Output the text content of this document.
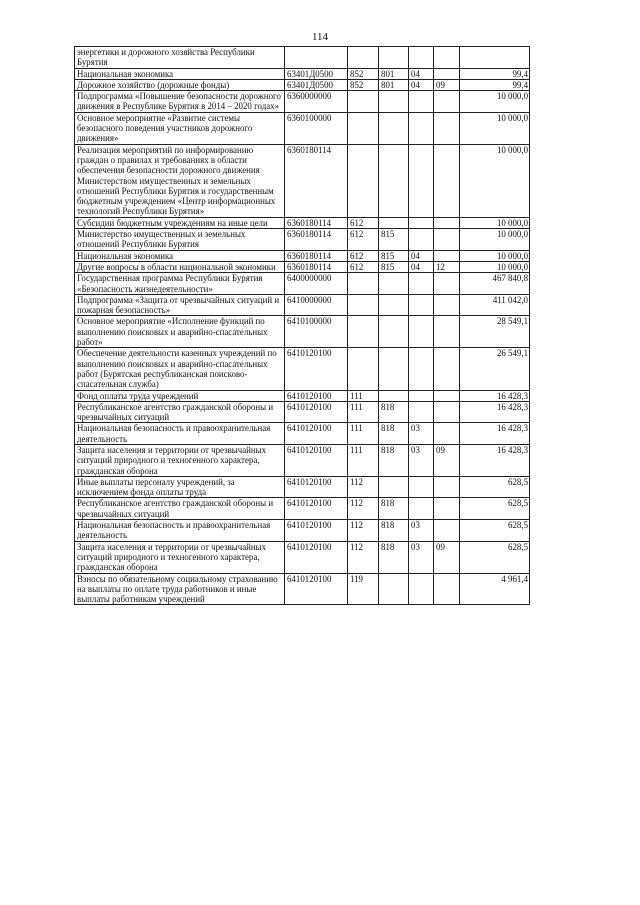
114
энергетики и дорожного хозяйства Республики Бурятия						
Национальная экономика	63401Д0500	852	801	04		99,4
Дорожное хозяйство (дорожные фонды)	63401Д0500	852	801	04	09	99,4
Подпрограмма «Повышение безопасности дорожного движения в Республике Бурятия в 2014 – 2020 годах»	6360000000					10 000,0
Основное мероприятие «Развитие системы безопасного поведения участников дорожного движения»	6360100000					10 000,0
Реализация мероприятий по информированию граждан о правилах и требованиях в области обеспечения безопасности дорожного движения Министерством имущественных и земельных отношений Республики Бурятия и государственным бюджетным учреждением «Центр информационных технологий Республики Бурятия»	6360180114					10 000,0
Субсидии бюджетным учреждениям на иные цели	6360180114	612				10 000,0
Министерство имущественных и земельных отношений Республики Бурятия	6360180114	612	815			10 000,0
Национальная экономика	6360180114	612	815	04		10 000,0
Другие вопросы в области национальной экономики	6360180114	612	815	04	12	10 000,0
Государственная программа Республики Бурятия «Безопасность жизнедеятельности»	6400000000					467 840,8
Подпрограмма «Защита от чрезвычайных ситуаций и пожарная безопасность»	6410000000					411 042,0
Основное мероприятие «Исполнение функций по выполнению поисковых и аварийно-спасательных работ»	6410100000					28 549,1
Обеспечение деятельности казенных учреждений по выполнению поисковых и аварийно-спасательных работ (Бурятская республиканская поисково-спасательная служба)	6410120100					26 549,1
Фонд оплаты труда учреждений	6410120100	111				16 428,3
Республиканское агентство гражданской обороны и чрезвычайных ситуаций	6410120100	111	818			16 428,3
Национальная безопасность и правоохранительная деятельность	6410120100	111	818	03		16 428,3
Защита населения и территории от чрезвычайных ситуаций природного и техногенного характера, гражданская оборона	6410120100	111	818	03	09	16 428,3
Иные выплаты персоналу учреждений, за исключением фонда оплаты труда	6410120100	112				628,5
Республиканское агентство гражданской обороны и чрезвычайных ситуаций	6410120100	112	818			628,5
Национальная безопасность и правоохранительная деятельность	6410120100	112	818	03		628,5
Защита населения и территории от чрезвычайных ситуаций природного и техногенного характера, гражданская оборона	6410120100	112	818	03	09	628,5
Взносы по обязательному социальному страхованию на выплаты по оплате труда работников и иные выплаты работникам учреждений	6410120100	119				4 961,4
